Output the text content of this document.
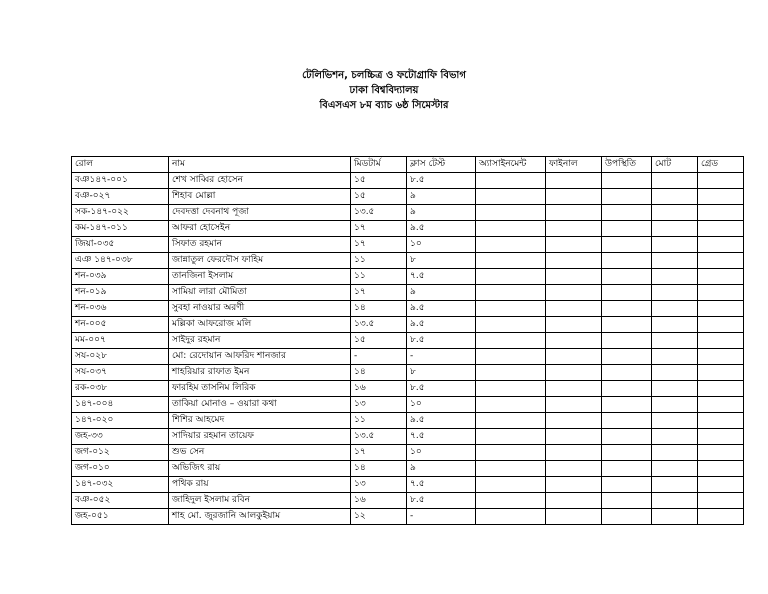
টেলিভিশন, চলচ্চিত্র ও ফটোগ্রাফি বিভাগ
ঢাকা বিশ্ববিদ্যালয়
বিএসএস ৮ম ব্যাচ ৬ষ্ঠ সিমেস্টার
রোল	নাম	মিডটার্ম	ক্লাস টেস্ট	অ্যাসাইনমেন্ট	ফাইনাল	উপস্থিতি	মোট	গ্রেড
বঞ১৪৭-০০১	শেখ সাব্বির হোসেন	১৫	৮.৫					
বঞ-০২৭	শিহাব মোল্লা	১৫	৯					
সক-১৪৭-০২২	দেবদত্তা দেবনাথ পূজা	১৩.৫	৯					
কম-১৪৭-০১১	আফরা হোসেইন	১৭	৯.৫					
জিয়া-০৩৫	সিফাত রহমান	১৭	১০					
এঞ ১৪৭-০৩৮	জান্নাতুল ফেরদৌস ফাহিম	১১	৮					
শন-০৩৯	তানজিনা ইসলাম	১১	৭.৫					
শন-০১৯	সামিয়া লারা মৌমিতা	১৭	৯					
শন-০৩৬	সুবহা নাওয়ার অরণী	১৪	৯.৫					
শন-০০৫	মল্লিকা আফরোজ মলি	১৩.৫	৯.৫					
মম-০০৭	সাইদুর রহমান	১৫	৮.৫					
সয-০২৮	মো: রেদোয়ান আফরিদ শানজার	-	-					
সয-০৩৭	শাহরিয়ার রাফাত ইমন	১৪	৮					
রক-০৩৮	ফারহিম তাসনিম লিরিক	১৬	৮.৫					
১৪৭-০০৪	তাকিয়া মোনাও – ওয়ারা কথা	১৩	১০					
১৪৭-০২০	শিশির আহমেদ	১১	৯.৫					
জহ-৩৩	সাদিয়ার রহমান তায়েফ	১৩.৫	৭.৫					
জগ-০১২	শুভ সেন	১৭	১০					
জগ-০১০	অভিজিৎ রায়	১৪	৯					
১৪৭-০৩২	পথিক রায়	১৩	৭.৫					
বঞ-০৫২	জাহিদুল ইসলাম রবিন	১৬	৮.৫					
জহ-০৫১	শাহ মো. জুরজানি আলকুইয়াম	১২	-					
